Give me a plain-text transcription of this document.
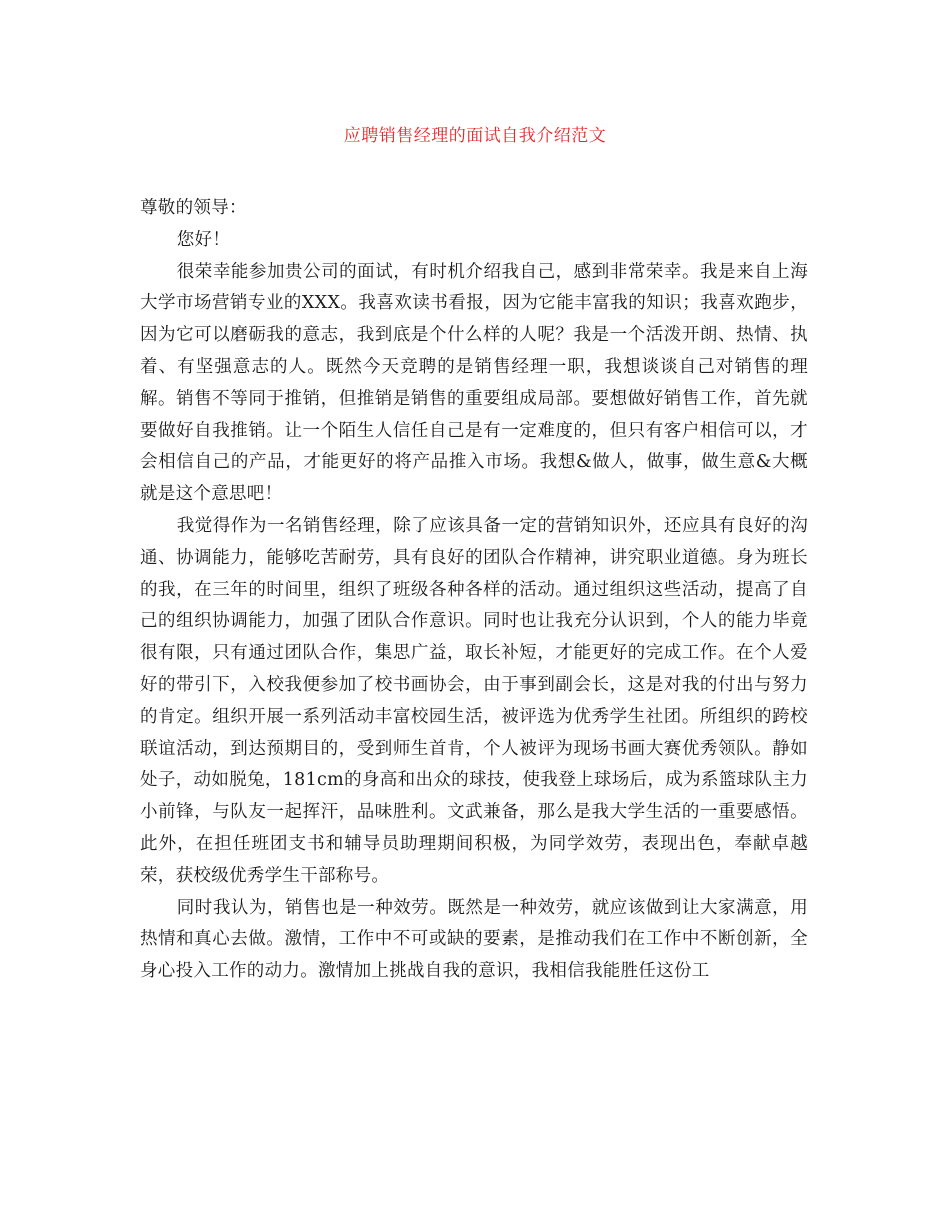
应聘销售经理的面试自我介绍范文

尊敬的领导：

您好！

很荣幸能参加贵公司的面试，有时机介绍我自己，感到非常荣幸。我是来自上海大学市场营销专业的XXX。我喜欢读书看报，因为它能丰富我的知识；我喜欢跑步，因为它可以磨砺我的意志，我到底是个什么样的人呢？我是一个活泼开朗、热情、执着、有坚强意志的人。既然今天竞聘的是销售经理一职，我想谈谈自己对销售的理解。销售不等同于推销，但推销是销售的重要组成局部。要想做好销售工作，首先就要做好自我推销。让一个陌生人信任自己是有一定难度的，但只有客户相信可以，才会相信自己的产品，才能更好的将产品推入市场。我想&做人，做事，做生意&大概就是这个意思吧！

我觉得作为一名销售经理，除了应该具备一定的营销知识外，还应具有良好的沟通、协调能力，能够吃苦耐劳，具有良好的团队合作精神，讲究职业道德。身为班长的我，在三年的时间里，组织了班级各种各样的活动。通过组织这些活动，提高了自己的组织协调能力，加强了团队合作意识。同时也让我充分认识到，个人的能力毕竟很有限，只有通过团队合作，集思广益，取长补短，才能更好的完成工作。在个人爱好的带引下，入校我便参加了校书画协会，由于事到副会长，这是对我的付出与努力的肯定。组织开展一系列活动丰富校园生活，被评选为优秀学生社团。所组织的跨校联谊活动，到达预期目的，受到师生首肯，个人被评为现场书画大赛优秀领队。静如处子，动如脱兔，181cm的身高和出众的球技，使我登上球场后，成为系篮球队主力小前锋，与队友一起挥汗，品味胜利。文武兼备，那么是我大学生活的一重要感悟。此外，在担任班团支书和辅导员助理期间积极，为同学效劳，表现出色，奉献卓越荣，获校级优秀学生干部称号。

同时我认为，销售也是一种效劳。既然是一种效劳，就应该做到让大家满意，用热情和真心去做。激情，工作中不可或缺的要素，是推动我们在工作中不断创新，全身心投入工作的动力。激情加上挑战自我的意识，我相信我能胜任这份工
